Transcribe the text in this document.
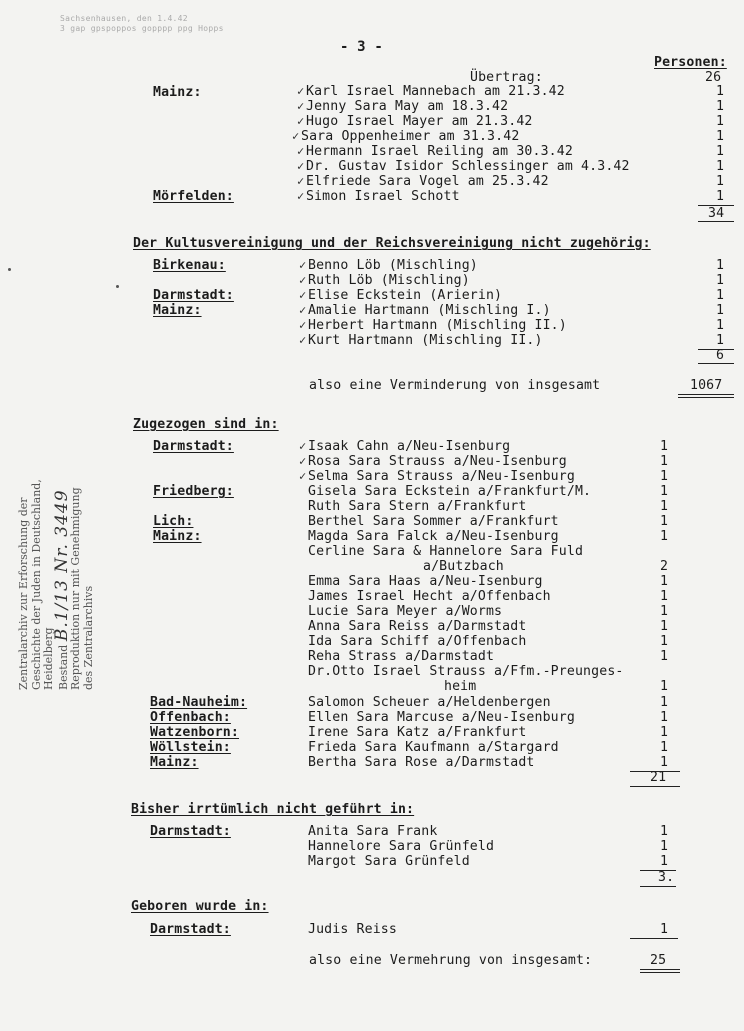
Sachsenhausen, den 1.4.42
3 gap gpspoppos gopppp ppg Hopps
- 3 -
Personen:
Übertrag:	26
Mainz:	✓ Karl Israel Mannebach am 21.3.42	1
✓ Jenny Sara May am 18.3.42	1
✓ Hugo Israel Mayer am 21.3.42	1
✓ Sara Oppenheimer am 31.3.42	1
✓ Hermann Israel Reiling am 30.3.42	1
✓ Dr. Gustav Isidor Schlessinger am 4.3.42	1
✓ Elfriede Sara Vogel am 25.3.42	1
Mörfelden:	✓ Simon Israel Schott	1
34
Der Kultusvereinigung und der Reichsvereinigung nicht zugehörig:
Birkenau:	✓ Benno Löb (Mischling)	1
✓ Ruth Löb (Mischling)	1
Darmstadt:	✓ Elise Eckstein (Arierin)	1
Mainz:	✓ Amalie Hartmann (Mischling I.)	1
✓ Herbert Hartmann (Mischling II.)	1
✓ Kurt Hartmann (Mischling II.)	1
6
also eine Verminderung von insgesamt	1067
Zugezogen sind in:
Darmstadt:	✓ Isaak Cahn a/Neu-Isenburg	1
✓ Rosa Sara Strauss a/Neu-Isenburg	1
✓ Selma Sara Strauss a/Neu-Isenburg	1
Friedberg:	Gisela Sara Eckstein a/Frankfurt/M.	1
Ruth Sara Stern a/Frankfurt	1
Lich:	Berthel Sara Sommer a/Frankfurt	1
Mainz:	Magda Sara Falck a/Neu-Isenburg	1
Cerline Sara & Hannelore Sara Fuld
a/Butzbach	2
Emma Sara Haas a/Neu-Isenburg	1
James Israel Hecht a/Offenbach	1
Lucie Sara Meyer a/Worms	1
Anna Sara Reiss a/Darmstadt	1
Ida Sara Schiff a/Offenbach	1
Reha Strass a/Darmstadt	1
Dr.Otto Israel Strauss a/Ffm.-Preunges-
heim	1
Bad-Nauheim:	Salomon Scheuer a/Heldenbergen	1
Offenbach:	Ellen Sara Marcuse a/Neu-Isenburg	1
Watzenborn:	Irene Sara Katz a/Frankfurt	1
Wöllstein:	Frieda Sara Kaufmann a/Stargard	1
Mainz:	Bertha Sara Rose a/Darmstadt	1
21
Bisher irrtümlich nicht geführt in:
Darmstadt:	Anita Sara Frank	1
Hannelore Sara Grünfeld	1
Margot Sara Grünfeld	1
3.
Geboren wurde in:
Darmstadt:	Judis Reiss	1
also eine Vermehrung von insgesamt:	25
Zentralarchiv zur Erforschung der Geschichte der Juden in Deutschland, Heidelberg Bestand B.1/13 Nr. 3449
Reproduktion nur mit Genehmigung des Zentralarchivs
